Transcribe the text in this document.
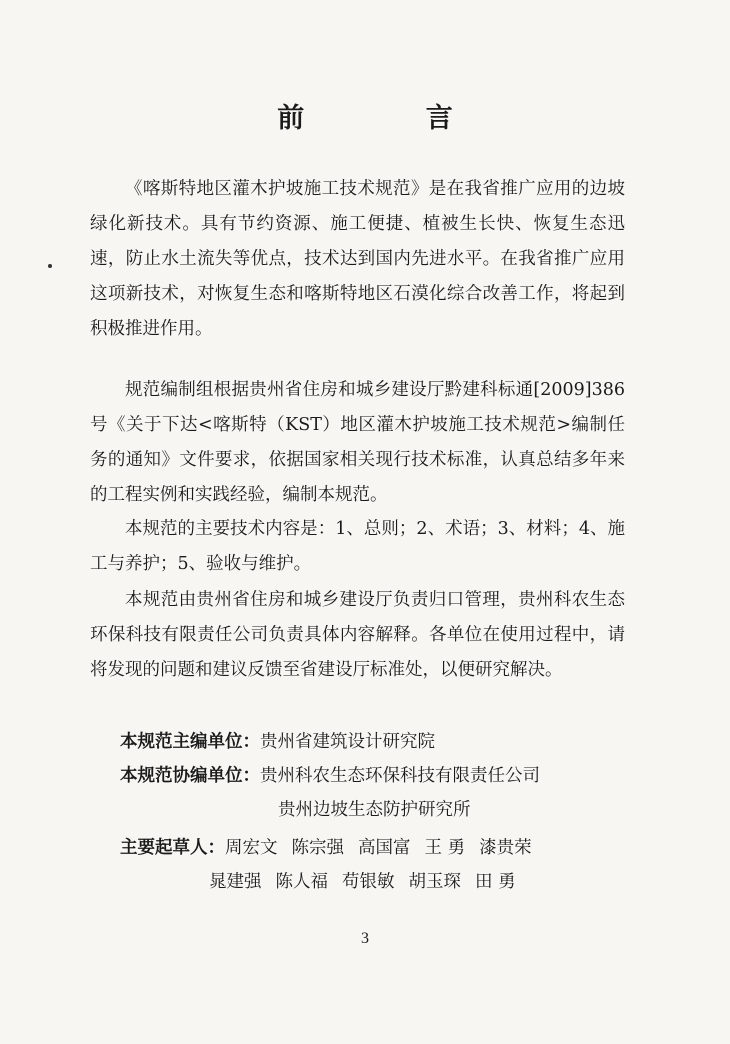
前 言

《喀斯特地区灌木护坡施工技术规范》是在我省推广应用的边坡绿化新技术。具有节约资源、施工便捷、植被生长快、恢复生态迅速，防止水土流失等优点，技术达到国内先进水平。在我省推广应用这项新技术，对恢复生态和喀斯特地区石漠化综合改善工作，将起到积极推进作用。

规范编制组根据贵州省住房和城乡建设厅黔建科标通[2009]386号《关于下达<喀斯特（KST）地区灌木护坡施工技术规范>编制任务的通知》文件要求，依据国家相关现行技术标准，认真总结多年来的工程实例和实践经验，编制本规范。

本规范的主要技术内容是：1、总则；2、术语；3、材料；4、施工与养护；5、验收与维护。

本规范由贵州省住房和城乡建设厅负责归口管理，贵州科农生态环保科技有限责任公司负责具体内容解释。各单位在使用过程中，请将发现的问题和建议反馈至省建设厅标准处，以便研究解决。

本规范主编单位：贵州省建筑设计研究院
本规范协编单位：贵州科农生态环保科技有限责任公司
贵州边坡生态防护研究所
主要起草人：周宏文 陈宗强 高国富 王 勇 漆贵荣
晁建强 陈人福 苟银敏 胡玉琛 田 勇
3
